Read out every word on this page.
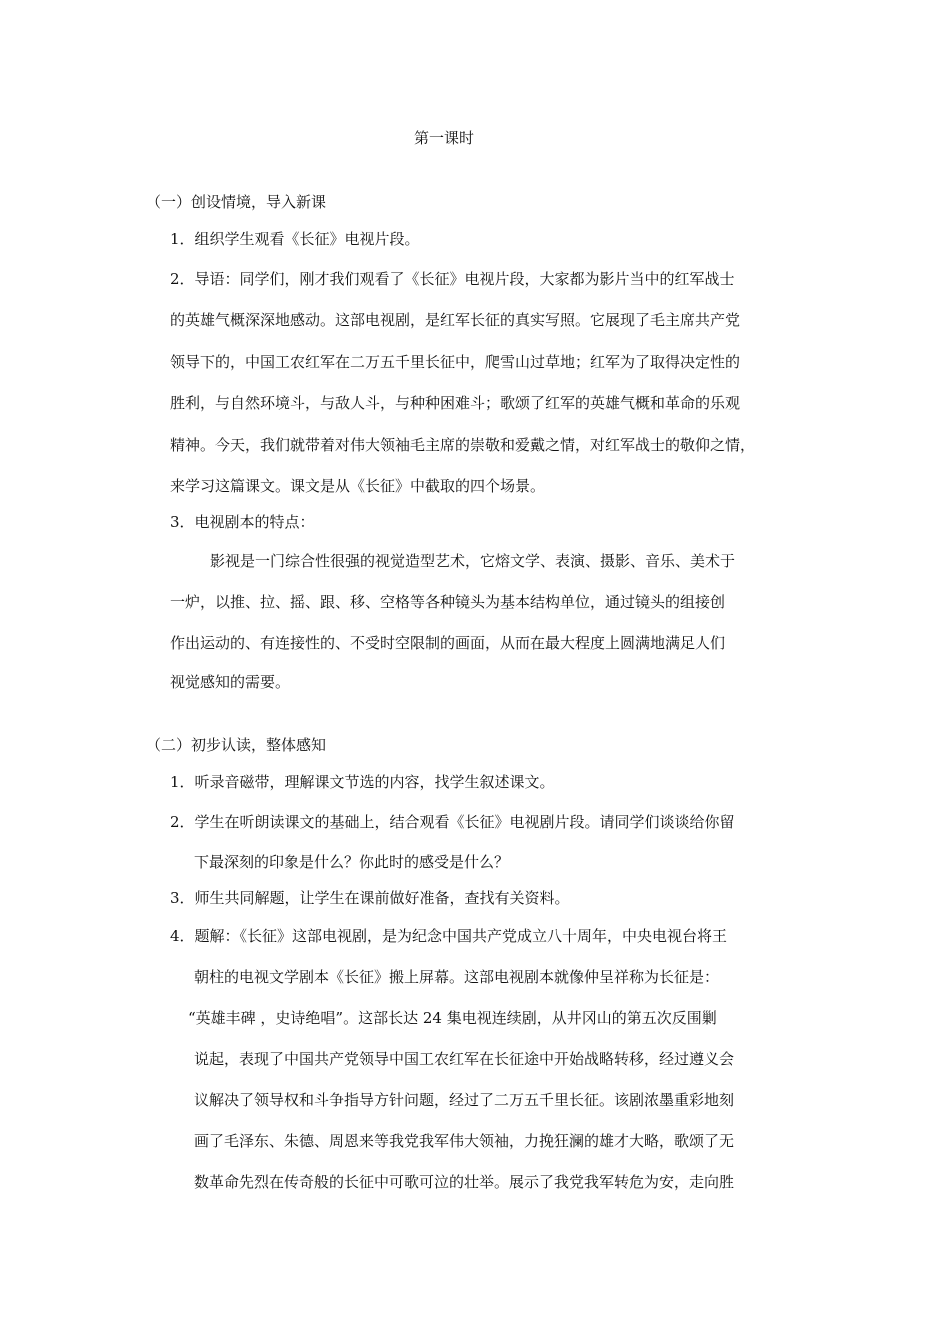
第一课时
（一）创设情境，导入新课
1．组织学生观看《长征》电视片段。
2．导语：同学们，刚才我们观看了《长征》电视片段，大家都为影片当中的红军战士
的英雄气概深深地感动。这部电视剧，是红军长征的真实写照。它展现了毛主席共产党
领导下的，中国工农红军在二万五千里长征中，爬雪山过草地；红军为了取得决定性的
胜利，与自然环境斗，与敌人斗，与种种困难斗；歌颂了红军的英雄气概和革命的乐观
精神。今天，我们就带着对伟大领袖毛主席的崇敬和爱戴之情，对红军战士的敬仰之情，
来学习这篇课文。课文是从《长征》中截取的四个场景。
3．电视剧本的特点：
影视是一门综合性很强的视觉造型艺术，它熔文学、表演、摄影、音乐、美术于
一炉，以推、拉、摇、跟、移、空格等各种镜头为基本结构单位，通过镜头的组接创
作出运动的、有连接性的、不受时空限制的画面，从而在最大程度上圆满地满足人们
视觉感知的需要。
（二）初步认读，整体感知
1．听录音磁带，理解课文节选的内容，找学生叙述课文。
2．学生在听朗读课文的基础上，结合观看《长征》电视剧片段。请同学们谈谈给你留
下最深刻的印象是什么？你此时的感受是什么？
3．师生共同解题，让学生在课前做好准备，查找有关资料。
4．题解：《长征》这部电视剧，是为纪念中国共产党成立八十周年，中央电视台将王
朝柱的电视文学剧本《长征》搬上屏幕。这部电视剧本就像仲呈祥称为长征是：
“英雄丰碑 ，史诗绝唱”。这部长达 24 集电视连续剧，从井冈山的第五次反围剿
说起，表现了中国共产党领导中国工农红军在长征途中开始战略转移，经过遵义会
议解决了领导权和斗争指导方针问题，经过了二万五千里长征。该剧浓墨重彩地刻
画了毛泽东、朱德、周恩来等我党我军伟大领袖，力挽狂澜的雄才大略，歌颂了无
数革命先烈在传奇般的长征中可歌可泣的壮举。展示了我党我军转危为安，走向胜
